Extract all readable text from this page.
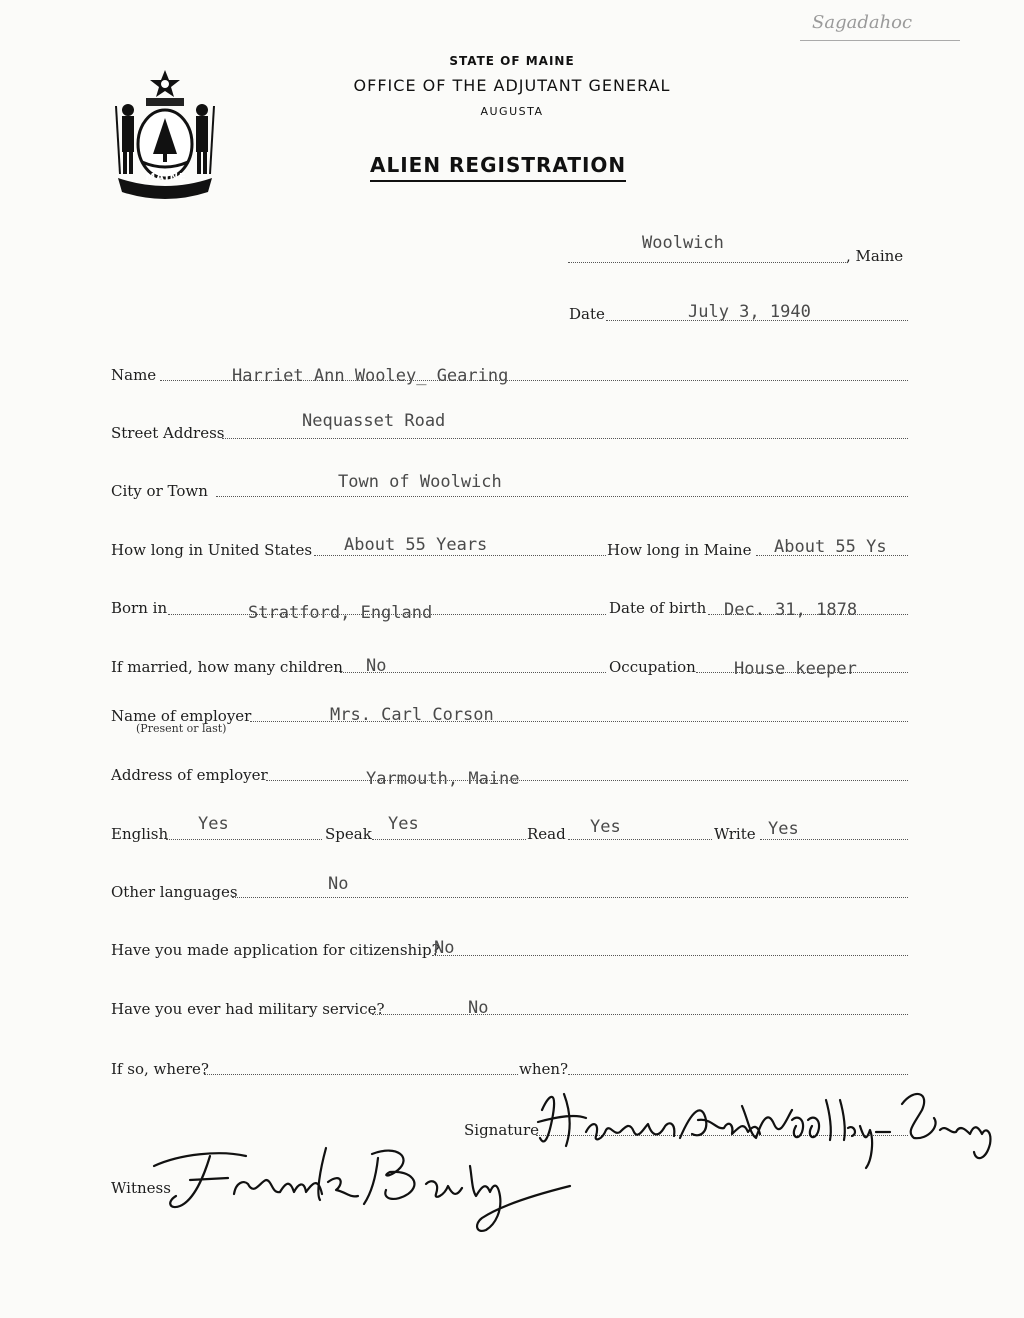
Sagadahoc
MAINE
STATE OF MAINE
OFFICE OF THE ADJUTANT GENERAL
AUGUSTA
ALIEN REGISTRATION
Woolwich
, Maine
Date	July 3, 1940
Name	Harriet Ann Wooley_ Gearing
Street Address
Nequasset Road
City or Town	Town of Woolwich
How long in United States About 55 Years	How long in Maine About 55 Ys
Born in	Stratford, England	Date of birth Dec. 31, 1878
If married, how many children No	Occupation House keeper
Name of employer
(Present or last)
Mrs. Carl Corson
Address of employer	Yarmouth, Maine
English Yes	Speak Yes	Read Yes	Write Yes
Other languages	No
Have you made application for citizenship?
No
Have you ever had military service?	No
If so, where?	when?
Signature
Witness
